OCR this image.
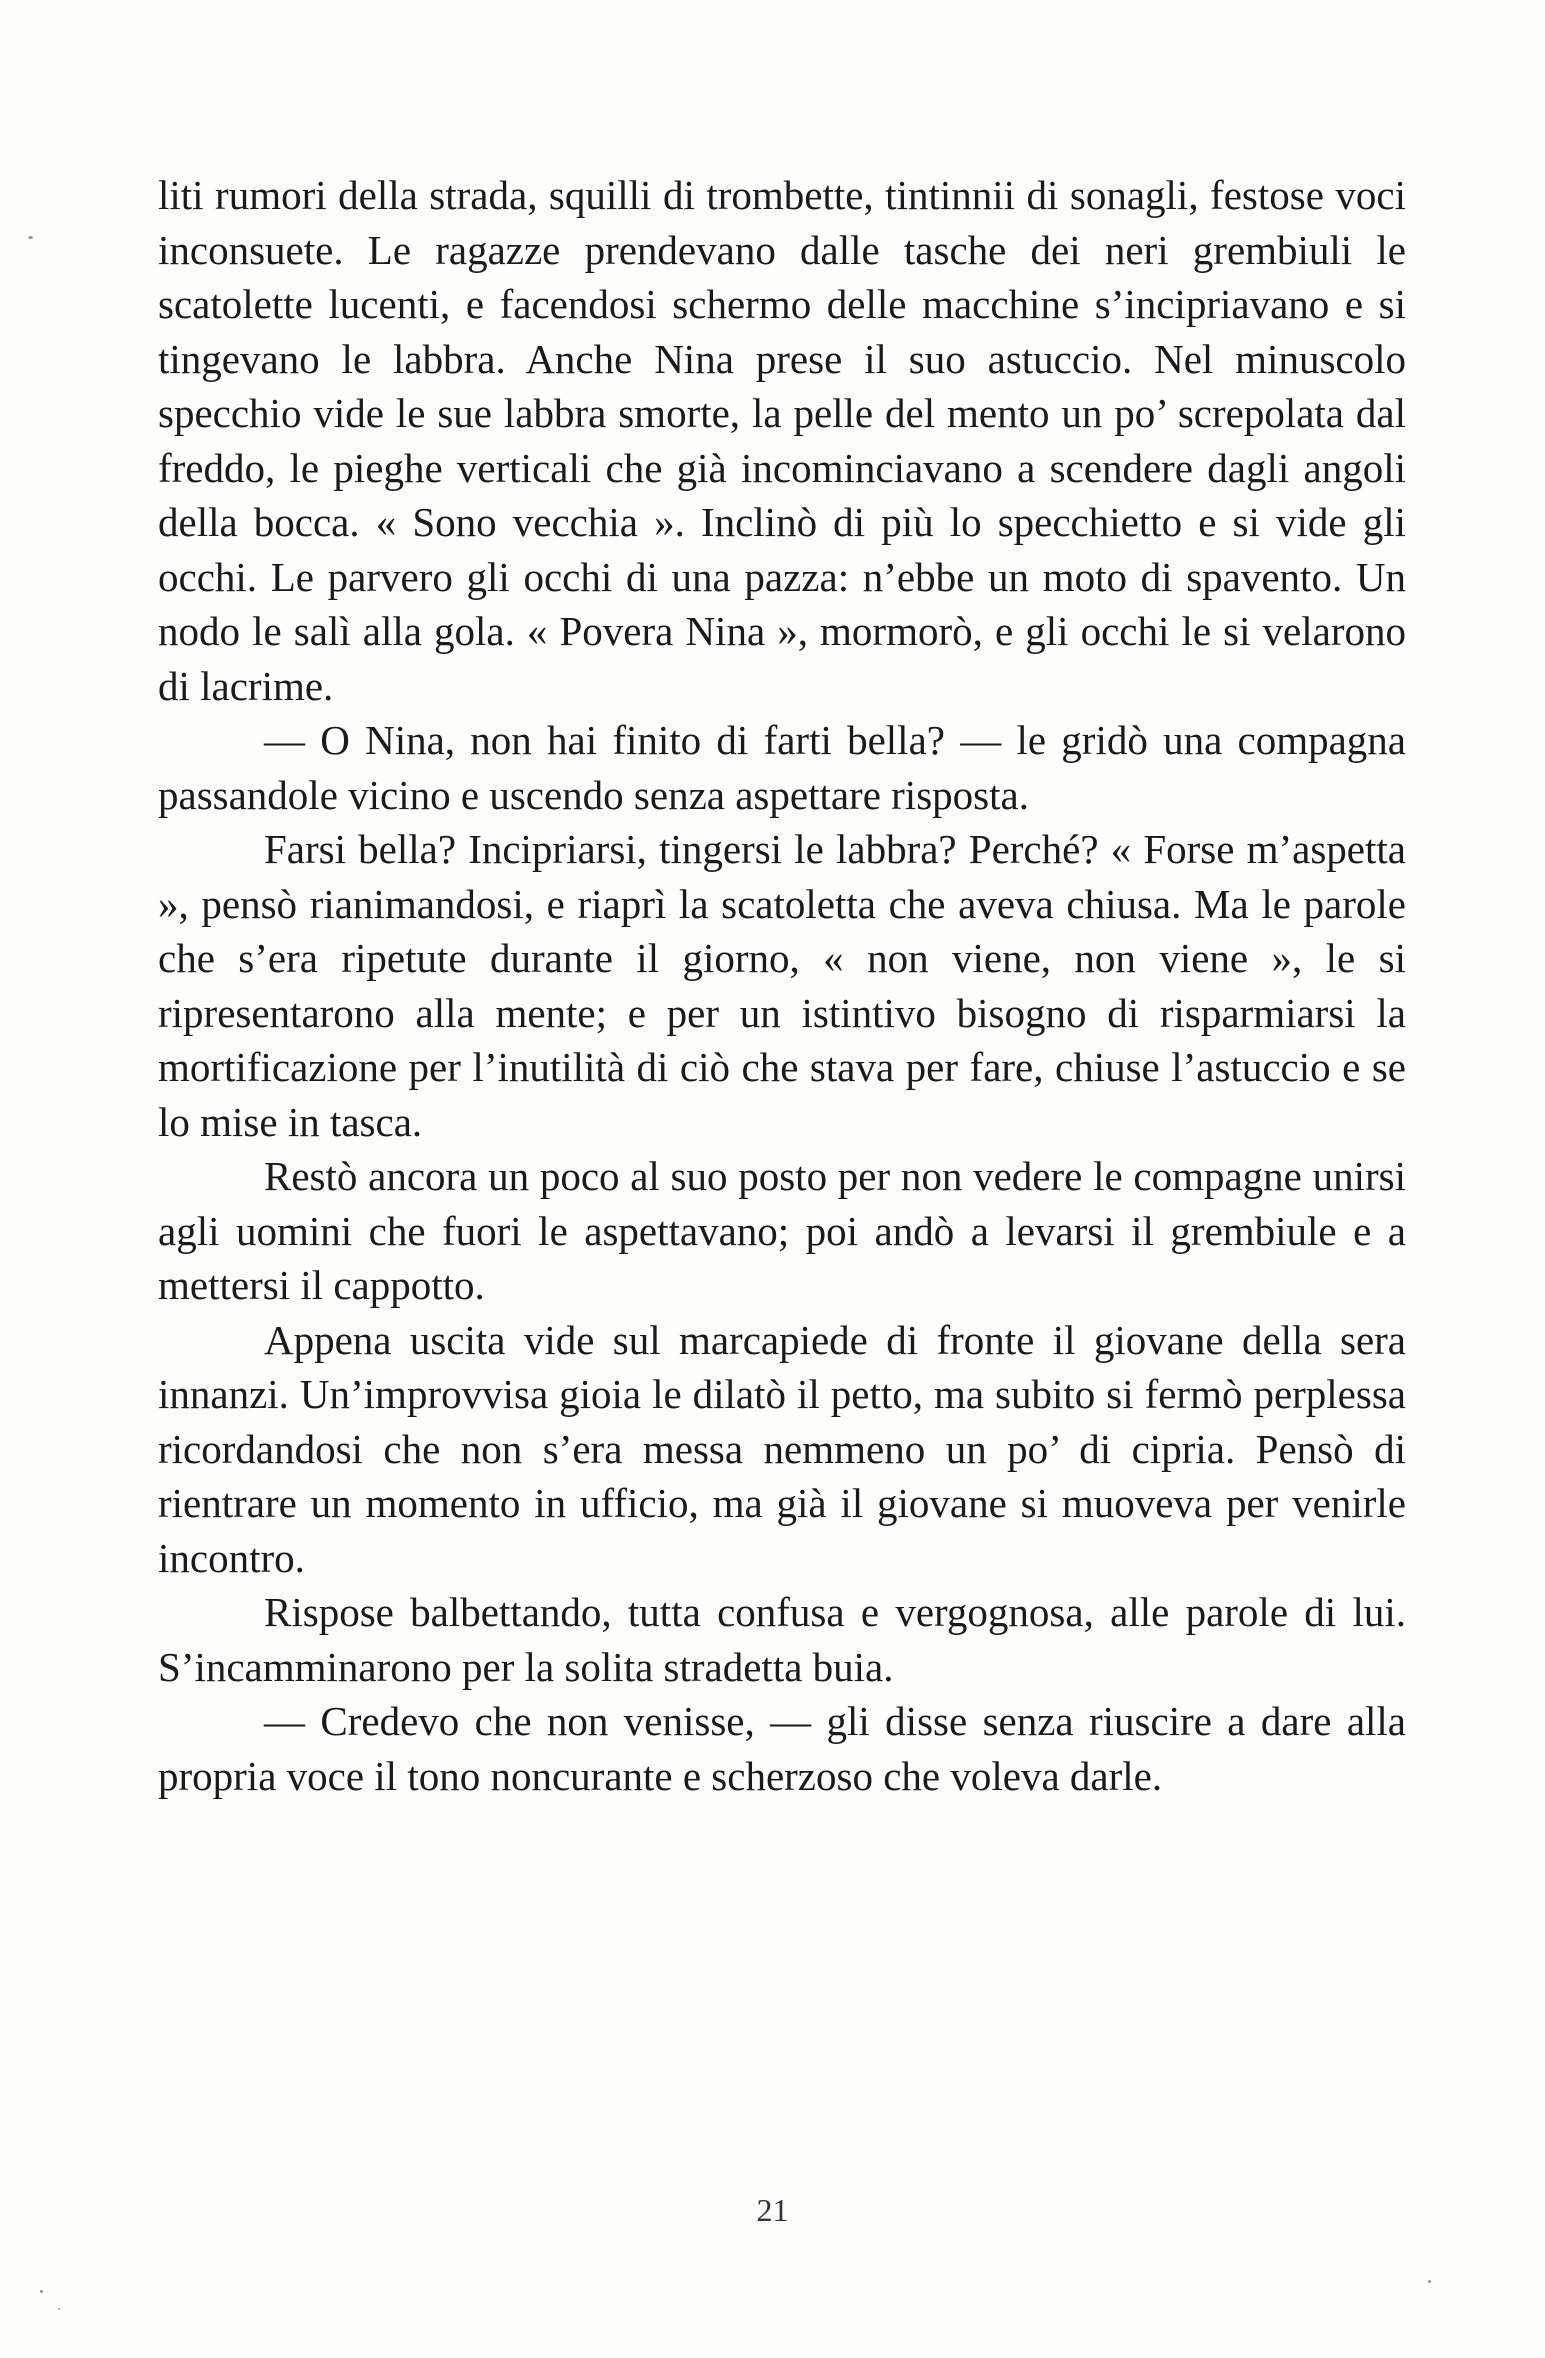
liti rumori della strada, squilli di trombette, tintinnii di sonagli, festose voci inconsuete. Le ragazze prendevano dalle tasche dei neri grembiuli le scatolette lucenti, e facendosi schermo delle macchine s’incipriavano e si tingevano le labbra. Anche Nina prese il suo astuccio. Nel minuscolo specchio vide le sue labbra smorte, la pelle del mento un po’ screpolata dal freddo, le pieghe verticali che già incominciavano a scendere dagli angoli della bocca. « Sono vecchia ». Inclinò di più lo specchietto e si vide gli occhi. Le parvero gli occhi di una pazza: n’ebbe un moto di spavento. Un nodo le salì alla gola. « Povera Nina », mormorò, e gli occhi le si velarono di lacrime.

— O Nina, non hai finito di farti bella? — le gridò una compagna passandole vicino e uscendo senza aspettare risposta.

Farsi bella? Incipriarsi, tingersi le labbra? Perché? « Forse m’aspetta », pensò rianimandosi, e riaprì la scatoletta che aveva chiusa. Ma le parole che s’era ripetute durante il giorno, « non viene, non viene », le si ripresentarono alla mente; e per un istintivo bisogno di risparmiarsi la mortificazione per l’inutilità di ciò che stava per fare, chiuse l’astuccio e se lo mise in tasca.

Restò ancora un poco al suo posto per non vedere le compagne unirsi agli uomini che fuori le aspettavano; poi andò a levarsi il grembiule e a mettersi il cappotto.

Appena uscita vide sul marcapiede di fronte il giovane della sera innanzi. Un’improvvisa gioia le dilatò il petto, ma subito si fermò perplessa ricordandosi che non s’era messa nemmeno un po’ di cipria. Pensò di rientrare un momento in ufficio, ma già il giovane si muoveva per venirle incontro.

Rispose balbettando, tutta confusa e vergognosa, alle parole di lui. S’incamminarono per la solita stradetta buia.

— Credevo che non venisse, — gli disse senza riuscire a dare alla propria voce il tono noncurante e scherzoso che voleva darle.

21
